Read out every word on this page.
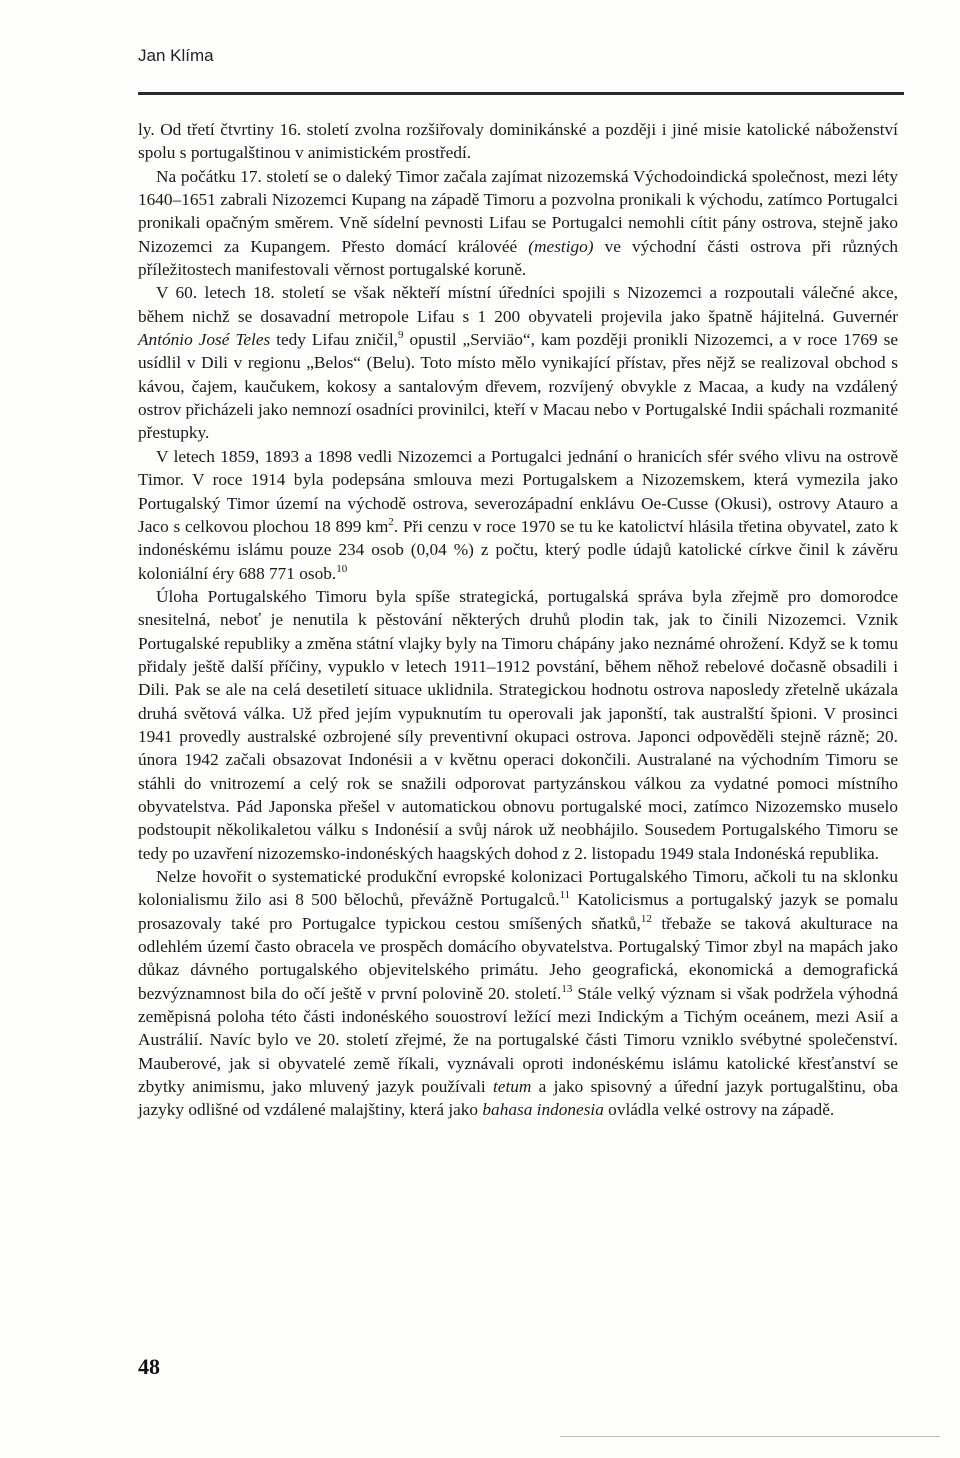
Jan Klíma

ly. Od třetí čtvrtiny 16. století zvolna rozšiřovaly dominikánské a později i jiné misie katolické náboženství spolu s portugalštinou v animistickém prostředí.

Na počátku 17. století se o daleký Timor začala zajímat nizozemská Východoindická společnost, mezi léty 1640–1651 zabrali Nizozemci Kupang na západě Timoru a pozvolna pronikali k východu, zatímco Portugalci pronikali opačným směrem. Vně sídelní pevnosti Lifau se Portugalci nemohli cítit pány ostrova, stejně jako Nizozemci za Kupangem. Přesto domácí královéé (mestigo) ve východní části ostrova při různých příležitostech manifestovali věrnost portugalské koruně.

V 60. letech 18. století se však někteří místní úředníci spojili s Nizozemci a rozpoutali válečné akce, během nichž se dosavadní metropole Lifau s 1 200 obyvateli projevila jako špatně hájitelná. Guvernér António José Teles tedy Lifau zničil,$^9$ opustil „Serviäo“, kam později pronikli Nizozemci, a v roce 1769 se usídlil v Dili v regionu „Belos“ (Belu). Toto místo mělo vynikající přístav, přes nějž se realizoval obchod s kávou, čajem, kaučukem, kokosy a santalovým dřevem, rozvíjený obvykle z Macaa, a kudy na vzdálený ostrov přicházeli jako nemnozí osadníci provinilci, kteří v Macau nebo v Portugalské Indii spáchali rozmanité přestupky.

V letech 1859, 1893 a 1898 vedli Nizozemci a Portugalci jednání o hranicích sfér svého vlivu na ostrově Timor. V roce 1914 byla podepsána smlouva mezi Portugalskem a Nizozemskem, která vymezila jako Portugalský Timor území na východě ostrova, severozápadní enklávu Oe-Cusse (Okusi), ostrovy Atauro a Jaco s celkovou plochou 18 899 $km^2$. Při cenzu v roce 1970 se tu ke katolictví hlásila třetina obyvatel, zato k indonéskému islámu pouze 234 osob (0,04 %) z počtu, který podle údajů katolické církve činil k závěru koloniální éry 688 771 osob.$^{10}$

Úloha Portugalského Timoru byla spíše strategická, portugalská správa byla zřejmě pro domorodce snesitelná, neboť je nenutila k pěstování některých druhů plodin tak, jak to činili Nizozemci. Vznik Portugalské republiky a změna státní vlajky byly na Timoru chápány jako neznámé ohrožení. Když se k tomu přidaly ještě další příčiny, vypuklo v letech 1911–1912 povstání, během něhož rebelové dočasně obsadili i Dili. Pak se ale na celá desetiletí situace uklidnila. Strategickou hodnotu ostrova naposledy zřetelně ukázala druhá světová válka. Už před jejím vypuknutím tu operovali jak japonští, tak australští špioni. V prosinci 1941 provedly australské ozbrojené síly preventivní okupaci ostrova. Japonci odpověděli stejně rázně; 20. února 1942 začali obsazovat Indonésii a v květnu operaci dokončili. Australané na východním Timoru se stáhli do vnitrozemí a celý rok se snažili odporovat partyzánskou válkou za vydatné pomoci místního obyvatelstva. Pád Japonska přešel v automatickou obnovu portugalské moci, zatímco Nizozemsko muselo podstoupit několikaletou válku s Indonésií a svůj nárok už neobhájilo. Sousedem Portugalského Timoru se tedy po uzavření nizozemsko-indonéských haagských dohod z 2. listopadu 1949 stala Indonéská republika.

Nelze hovořit o systematické produkční evropské kolonizaci Portugalského Timoru, ačkoli tu na sklonku kolonialismu žilo asi 8 500 bělochů, převážně Portugalců.$^{11}$ Katolicismus a portugalský jazyk se pomalu prosazovaly také pro Portugalce typickou cestou smíšených sňatků,$^{12}$ třebaže se taková akulturace na odlehlém území často obracela ve prospěch domácího obyvatelstva. Portugalský Timor zbyl na mapách jako důkaz dávného portugalského objevitelského primátu. Jeho geografická, ekonomická a demografická bezvýznamnost bila do očí ještě v první polovině 20. století.$^{13}$ Stále velký význam si však podržela výhodná zeměpisná poloha této části indonéského souostroví ležící mezi Indickým a Tichým oceánem, mezi Asií a Austrálií. Navíc bylo ve 20. století zřejmé, že na portugalské části Timoru vzniklo svébytné společenství. Mauberové, jak si obyvatelé země říkali, vyznávali oproti indonéskému islámu katolické křesťanství se zbytky animismu, jako mluvený jazyk používali tetum a jako spisovný a úřední jazyk portugalštinu, oba jazyky odlišné od vzdálené malajštiny, která jako bahasa indonesia ovládla velké ostrovy na západě.

48
